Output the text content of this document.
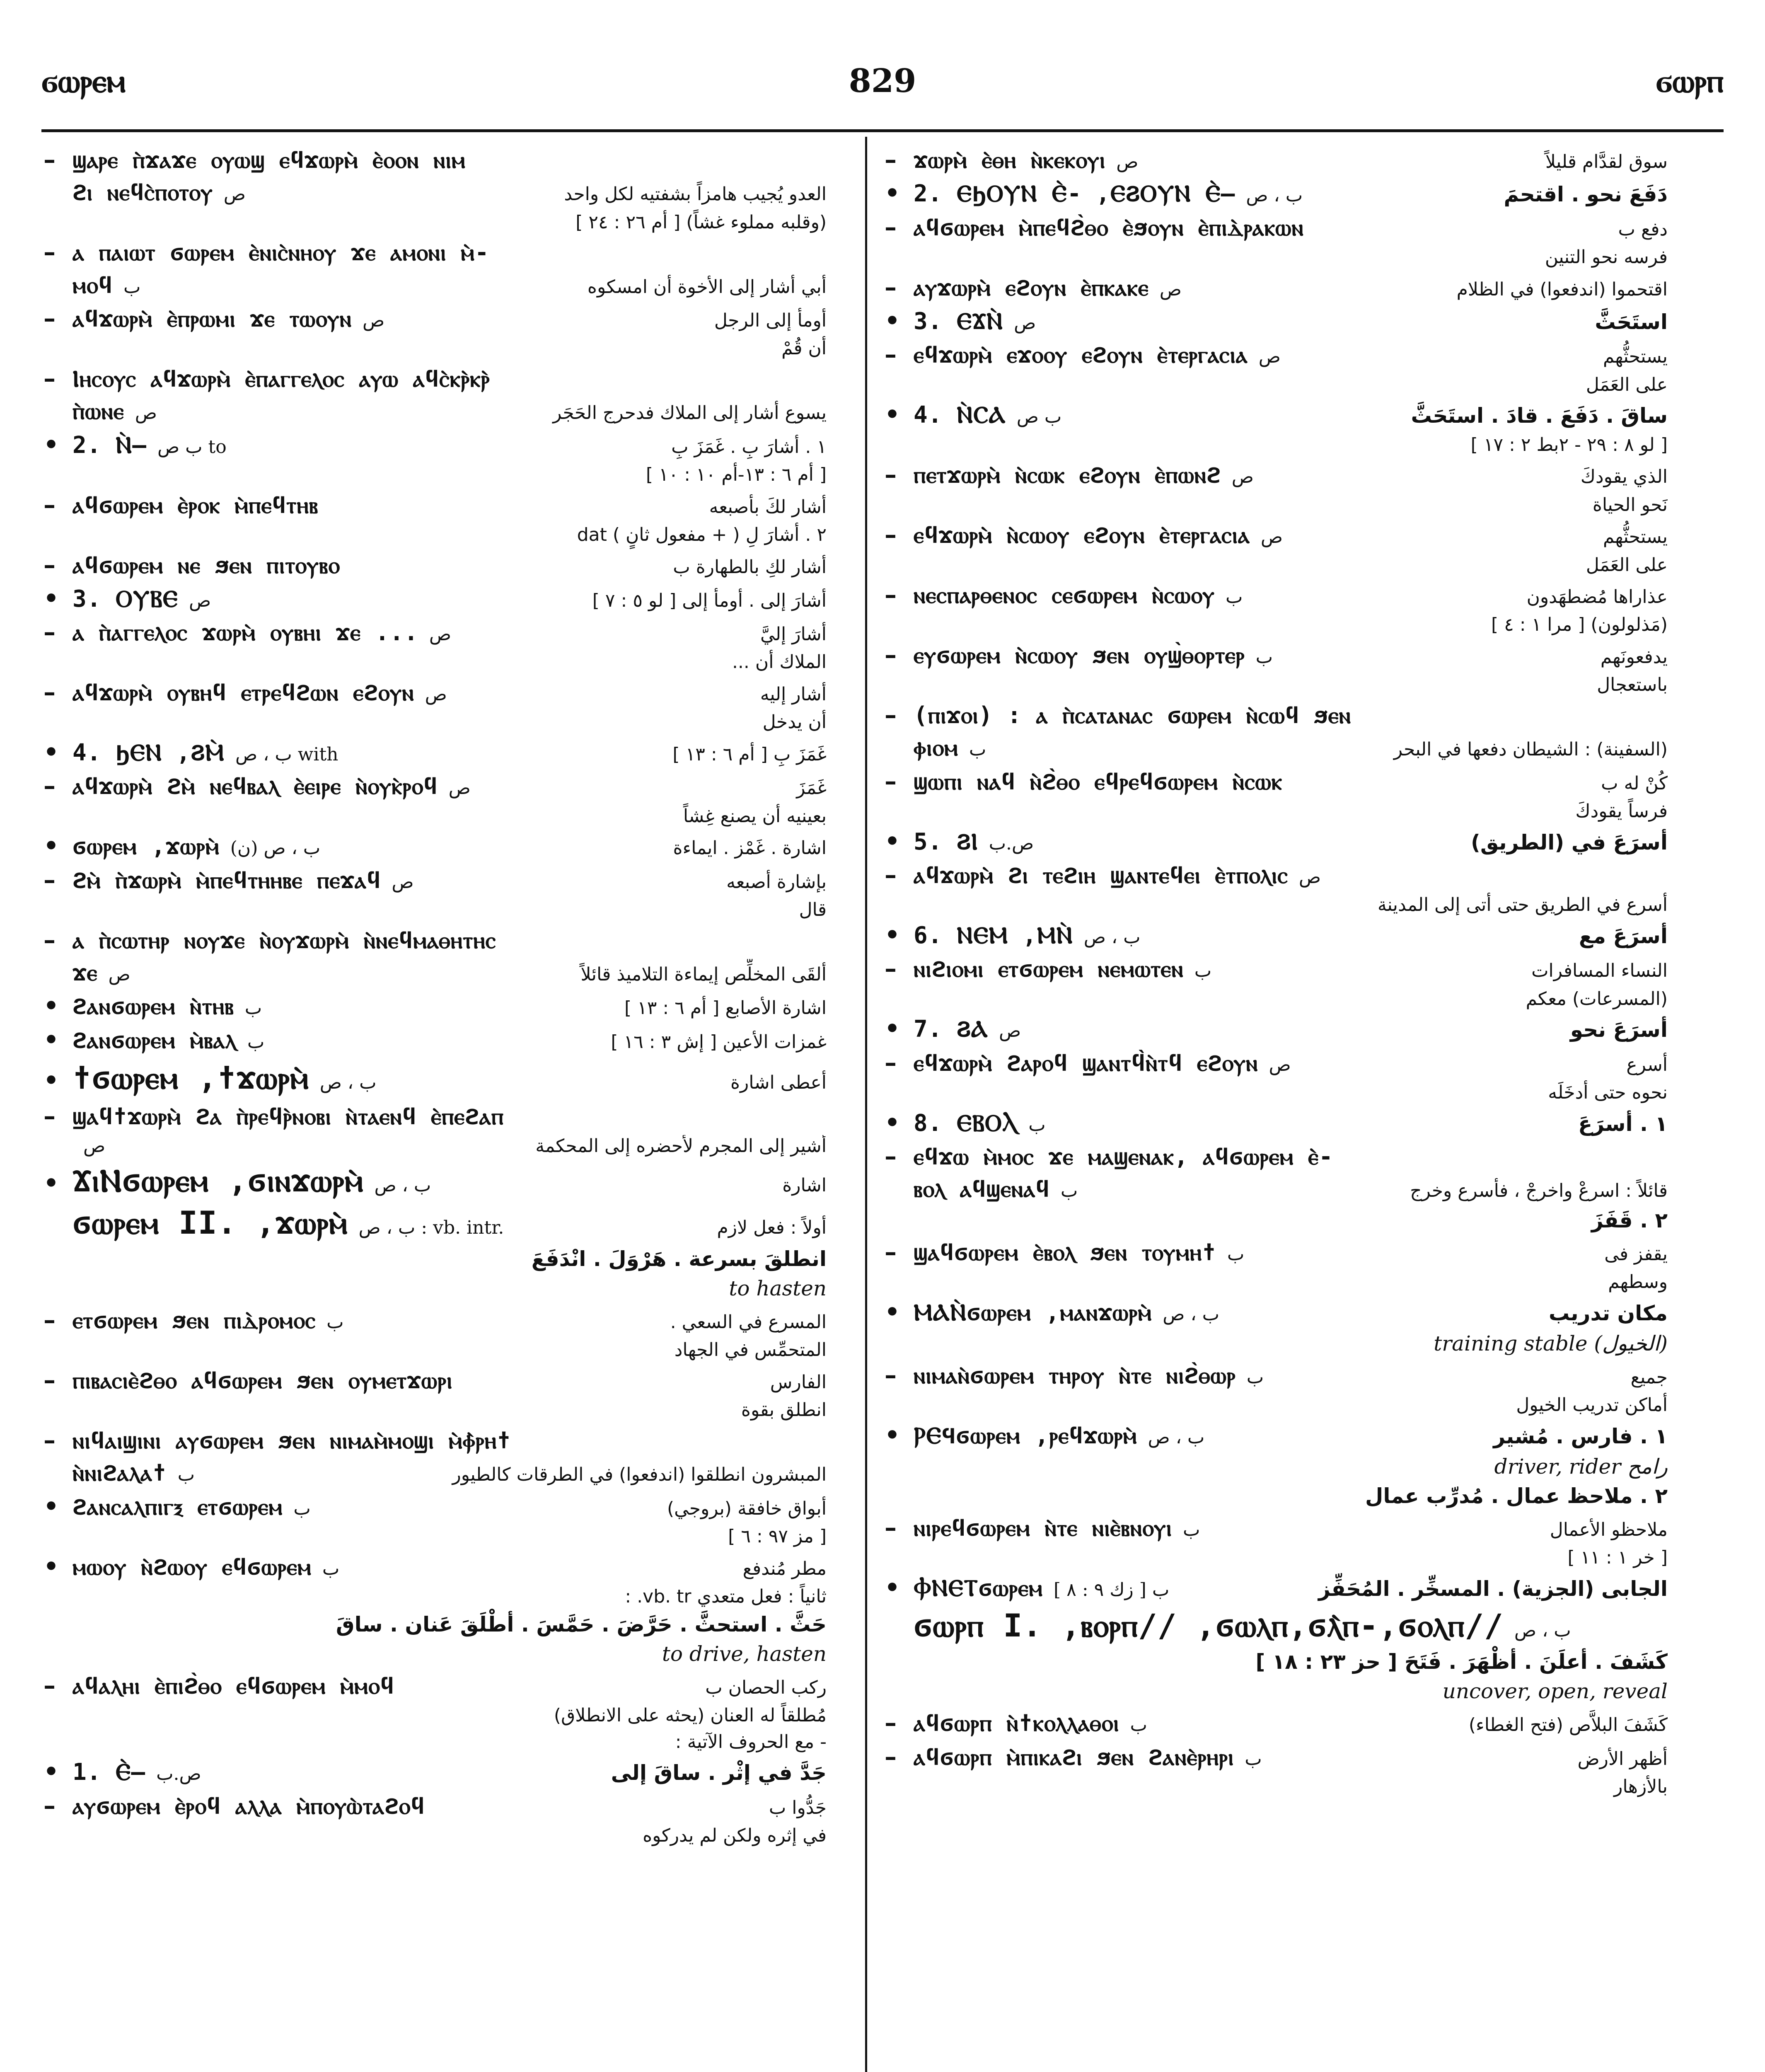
ϭⲱⲣⲉⲙ	829	ϭⲱⲣⲡ
– ϣⲁⲣⲉ ⲡ̀ϫⲁϫⲉ ⲟⲩⲱϣ ⲉϥϫⲱⲣⲙ̀ ⲉ̀ⲟⲟⲛ ⲛⲓⲙ
ϩⲓ ⲛⲉϥⲥ̀ⲡⲟⲧⲟⲩ ص	العدو يُجيب هامزاً بشفتيه لكل واحد
(وقلبه مملوء غشاً) [ أم ٢٦ : ٢٤ ]
– ⲁ ⲡⲁⲓⲱⲧ ϭⲱⲣⲉⲙ ⲉ̀ⲛⲓⲥ̀ⲛⲏⲟⲩ ϫⲉ ⲁⲙⲟⲛⲓ ⲙ̀-
ⲙⲟϥ ب	أبي أشار إلى الأخوة أن امسكوه
– ⲁϥϫⲱⲣⲙ̀ ⲉ̀ⲡⲣⲱⲙⲓ ϫⲉ ⲧⲱⲟⲩⲛ ص	أومأ إلى الرجل
أن قُمْ
– Ⲓⲏⲥⲟⲩⲥ ⲁϥϫⲱⲣⲙ̀ ⲉ̀ⲡⲁⲅⲅⲉⲗⲟⲥ ⲁⲩⲱ ⲁϥⲥ̀ⲕⲣ̀ⲕⲣ̀
ⲡ̀ⲱⲛⲉ ص	يسوع أشار إلى الملاك فدحرج الحَجَر
• 2. Ⲛ̀– ب ص to	١ . أشارَ بِ . غَمَزَ بِ
[ أم ٦ : ١٣-أم ١٠ : ١٠ ]
– ⲁϥϭⲱⲣⲉⲙ ⲉ̀ⲣⲟⲕ ⲙ̀ⲡⲉϥⲧⲏⲃ	أشار لكَ بأصبعه
dat ٢ . أشارَ لِ ( + مفعول ثانٍ )
– ⲁϥϭⲱⲣⲉⲙ ⲛⲉ ϧⲉⲛ ⲡⲓⲧⲟⲩⲃⲟ	أشار لكِ بالطهارة ب
• 3. ⲞⲨⲂⲈ ص	أشارَ إلى . أومأ إلى [ لو ٥ : ٧ ]
– ⲁ ⲡ̀ⲁⲅⲅⲉⲗⲟⲥ ϫⲱⲣⲙ̀ ⲟⲩⲃⲏⲓ ϫⲉ ... ص	أشارَ إليَّ
الملاك أن ...
– ⲁϥϫⲱⲣⲙ̀ ⲟⲩⲃⲏϥ ⲉⲧⲣⲉϥϩⲱⲛ ⲉϩⲟⲩⲛ ص	أشار إليه
أن يدخل
• 4. ϦⲈⲚ ,ϨⲘ̀ ب ، ص with	غَمَزَ بِ [ أم ٦ : ١٣ ]
– ⲁϥϫⲱⲣⲙ̀ ϩⲙ̀ ⲛⲉϥⲃⲁⲗ ⲉ̀ⲉⲓⲣⲉ ⲛ̀ⲟⲩⲕ̀ⲣⲟϥ ص	غَمَزَ
بعينيه أن يصنع غِشاً
• ϭⲱⲣⲉⲙ ,ϫⲱⲣⲙ̀ ب ، ص (ن)	اشارة . غَمْز . ايماءة
– ϩⲙ̀ ⲡ̀ϫⲱⲣⲙ̀ ⲙ̀ⲡⲉϥⲧⲏⲏⲃⲉ ⲡⲉϫⲁϥ ص	بإشارة أصبعه
قال
– ⲁ ⲡ̀ⲥⲱⲧⲏⲣ ⲛⲟⲩϫⲉ ⲛ̀ⲟⲩϫⲱⲣⲙ̀ ⲛ̀ⲛⲉϥⲙⲁⲑⲏⲧⲏⲥ
ϫⲉ ص	ألقَى المخلِّص إيماءة التلاميذ قائلاً
• ϩⲁⲛϭⲱⲣⲉⲙ ⲛ̀ⲧⲏⲃ ب	اشارة الأصابع [ أم ٦ : ١٣ ]
• ϩⲁⲛϭⲱⲣⲉⲙ ⲙ̀ⲃⲁⲗ ب	غمزات الأعين [ إش ٣ : ١٦ ]
• ϯϭⲱⲣⲉⲙ ,ϯϫⲱⲣⲙ̀ ب ، ص	أعطى اشارة
– ϣⲁϥϯϫⲱⲣⲙ̀ ϩⲁ ⲡ̀ⲣⲉϥⲣ̀ⲛⲟⲃⲓ ⲛ̀ⲧⲁⲉⲛϥ ⲉ̀ⲡⲉϩⲁⲡ
ص	أشير إلى المجرم لأحضره إلى المحكمة
• ϪⲓⲚϭⲱⲣⲉⲙ ,ϭⲓⲛϫⲱⲣⲙ̀ ب ، ص	اشارة
ϭⲱⲣⲉⲙ II. ,ϫⲱⲣⲙ̀ ب ، ص : vb. intr.	أولاً : فعل لازم
انطلقَ بسرعة . هَرْوَلَ . انْدَفَعَ
to hasten
– ⲉⲧϭⲱⲣⲉⲙ ϧⲉⲛ ⲡⲓⲇ̀ⲣⲟⲙⲟⲥ ب	المسرع في السعي .
المتحمِّس في الجهاد
– ⲡⲓⲃⲁⲥⲓⲉ̀ϩⲑⲟ ⲁϥϭⲱⲣⲉⲙ ϧⲉⲛ ⲟⲩⲙⲉⲧϫⲱⲣⲓ	الفارس
انطلق بقوة
– ⲛⲓϥⲁⲓϣⲓⲛⲓ ⲁⲩϭⲱⲣⲉⲙ ϧⲉⲛ ⲛⲓⲙⲁⲙ̀ⲙⲟϣⲓ ⲙ̀ⲫ̀ⲣⲏϯ
ⲛ̀ⲛⲓϩⲁⲗⲁϯ ب	المبشرون انطلقوا (اندفعوا) في الطرقات كالطيور
• ϩⲁⲛⲥⲁⲗⲡⲓⲅⲝ ⲉⲧϭⲱⲣⲉⲙ ب	أبواق خافقة (بروجي)
[ مز ٩٧ : ٦ ]
• ⲙⲱⲟⲩ ⲛ̀ϩⲱⲟⲩ ⲉϥϭⲱⲣⲉⲙ ب	مطر مُندفع
ثانياً : فعل متعدي vb. tr. :
حَثَّ . استحثَّ . حَرَّضَ . حَمَّسَ . أطْلَقَ عَنان . ساقَ
to drive, hasten
– ⲁϥⲁⲗⲏⲓ ⲉ̀ⲡⲓϩ̀ⲑⲟ ⲉϥϭⲱⲣⲉⲙ ⲙ̀ⲙⲟϥ	ركب الحصان ب
مُطلقاً له العنان (يحثه على الانطلاق)
- مع الحروف الآتية :
• 1. Ⲉ̀– ص.ب	جَدَّ في إثْر . ساقَ إلى
– ⲁⲩϭⲱⲣⲉⲙ ⲉ̀ⲣⲟϥ ⲁⲗⲗⲁ ⲙ̀ⲡⲟⲩⲱ̀ⲧⲁϩⲟϥ	جَدُّوا ب
في إثره ولكن لم يدركوه
– ϫⲱⲣⲙ̀ ⲉ̀ⲑⲏ ⲛ̀ⲕⲉⲕⲟⲩⲓ ص	سوق لقدَّام قليلاً
• 2. ⲈϦⲞⲨⲚ Ⲉ̀- ,ⲈϨⲞⲨⲚ Ⲉ̀– ب ، ص	دَفَعَ نحو . اقتحمَ
– ⲁϥϭⲱⲣⲉⲙ ⲙ̀ⲡⲉϥϩ̀ⲑⲟ ⲉ̀ϧⲟⲩⲛ ⲉ̀ⲡⲓⲇ̀ⲣⲁⲕⲱⲛ	دفع ب
فرسه نحو التنين
– ⲁⲩϫⲱⲣⲙ̀ ⲉϩⲟⲩⲛ ⲉ̀ⲡⲕⲁⲕⲉ ص	اقتحموا (اندفعوا) في الظلام
• 3. ⲈϪⲚ̀ ص	استَحَثَّ
– ⲉϥϫⲱⲣⲙ̀ ⲉϫⲟⲟⲩ ⲉϩⲟⲩⲛ ⲉ̀ⲧⲉⲣⲅⲁⲥⲓⲁ ص	يستحثُّهم
على العَمَل
• 4. Ⲛ̀ⲤⲀ ب ص	ساقَ . دَفَعَ . قادَ . استَحَثَّ
[ لو ٨ : ٢٩ - ٢بط ٢ : ١٧ ]
– ⲡⲉⲧϫⲱⲣⲙ̀ ⲛ̀ⲥⲱⲕ ⲉϩⲟⲩⲛ ⲉ̀ⲡⲱⲛϩ ص	الذي يقودكَ
نَحو الحياة
– ⲉϥϫⲱⲣⲙ̀ ⲛ̀ⲥⲱⲟⲩ ⲉϩⲟⲩⲛ ⲉ̀ⲧⲉⲣⲅⲁⲥⲓⲁ ص	يستحثُّهم
على العَمَل
– ⲛⲉⲥⲡⲁⲣⲑⲉⲛⲟⲥ ⲥⲉϭⲱⲣⲉⲙ ⲛ̀ⲥⲱⲟⲩ ب	عذاراها مُضطهَدون
(مَذلولون) [ مرا ١ : ٤ ]
– ⲉⲩϭⲱⲣⲉⲙ ⲛ̀ⲥⲱⲟⲩ ϧⲉⲛ ⲟⲩϣ̀ⲑⲟⲣⲧⲉⲣ ب	يدفعونَهم
باستعجال
– (ⲡⲓϫⲟⲓ) : ⲁ ⲡ̀ⲥⲁⲧⲁⲛⲁⲥ ϭⲱⲣⲉⲙ ⲛ̀ⲥⲱϥ ϧⲉⲛ
ⲫⲓⲟⲙ ب	(السفينة) : الشيطان دفعها في البحر
– ϣⲱⲡⲓ ⲛⲁϥ ⲛ̀ϩ̀ⲑⲟ ⲉϥⲣⲉϥϭⲱⲣⲉⲙ ⲛ̀ⲥⲱⲕ	كُنْ له ب
فرساً يقودكَ
• 5. ϨⲒ ص.ب	أسرَعَ في (الطريق)
– ⲁϥϫⲱⲣⲙ̀ ϩⲓ ⲧⲉϩⲓⲏ ϣⲁⲛⲧⲉϥⲉⲓ ⲉ̀ⲧⲡⲟⲗⲓⲥ ص
أسرع في الطريق حتى أتى إلى المدينة
• 6. ⲚⲈⲘ ,ⲘⲚ̀ ب ، ص	أسرَعَ مع
– ⲛⲓϩⲓⲟⲙⲓ ⲉⲧϭⲱⲣⲉⲙ ⲛⲉⲙⲱⲧⲉⲛ ب	النساء المسافرات
(المسرعات) معكم
• 7. ϨⲀ ص	أسرَعَ نحو
– ⲉϥϫⲱⲣⲙ̀ ϩⲁⲣⲟϥ ϣⲁⲛⲧϥ̀ⲛ̀ⲧϥ ⲉϩⲟⲩⲛ ص	أسرع
نحوه حتى أدخَلَه
• 8. ⲈⲂⲞⲖ ب	١ . أسرَعَ
– ⲉϥϫⲱ ⲙ̀ⲙⲟⲥ ϫⲉ ⲙⲁϣⲉⲛⲁⲕ, ⲁϥϭⲱⲣⲉⲙ ⲉ̀-
ⲃⲟⲗ ⲁϥϣⲉⲛⲁϥ ب	قائلاً : اسرعْ واخرجْ ، فأسرع وخرج
٢ . قَفَزَ
– ϣⲁϥϭⲱⲣⲉⲙ ⲉ̀ⲃⲟⲗ ϧⲉⲛ ⲧⲟⲩⲙⲏϯ ب	يقفز فى
وسطهم
• ⲘⲀⲚ̀ϭⲱⲣⲉⲙ ,ⲙⲁⲛϫⲱⲣⲙ̀ ب ، ص	مكان تدريب
training stable (الخيول)
– ⲛⲓⲙⲁⲛ̀ϭⲱⲣⲉⲙ ⲧⲏⲣⲟⲩ ⲛ̀ⲧⲉ ⲛⲓϩ̀ⲑⲱⲣ ب	جميع
أماكن تدريب الخيول
• ⲢⲈϤϭⲱⲣⲉⲙ ,ⲣⲉϥϫⲱⲣⲙ̀ ب ، ص	١ . فارس . مُشير
driver, rider رامح
٢ . ملاحظ عمال . مُدرِّب عمال
– ⲛⲓⲣⲉϥϭⲱⲣⲉⲙ ⲛ̀ⲧⲉ ⲛⲓⲉ̀ⲃⲛⲟⲩⲓ ب	ملاحظو الأعمال
[ خر ١ : ١١ ]
• ⲪⲚⲈⲦϭⲱⲣⲉⲙ ب [ زك ٩ : ٨ ]	الجابى (الجزية) . المسخِّر . المُحَفِّز
ϭⲱⲣⲡ I. ,ⲃⲟⲣⲡ// ,ϭⲱⲗⲡ,ϭⲗ̀ⲡ-,ϭⲟⲗⲡ// ب ، ص
كَشَفَ . أعلَنَ . أظْهَرَ . فَتَحَ [ حز ٢٣ : ١٨ ]
uncover, open, reveal
– ⲁϥϭⲱⲣⲡ ⲛ̀ϯⲕⲟⲗⲗⲁⲑⲟⲓ ب	كَشَفَ البلاَّص (فتح الغطاء)
– ⲁϥϭⲱⲣⲡ ⲙ̀ⲡⲓⲕⲁϩⲓ ϧⲉⲛ ϩⲁⲛⲉ̀ⲣⲏⲣⲓ ب	أظهر الأرض
بالأزهار
